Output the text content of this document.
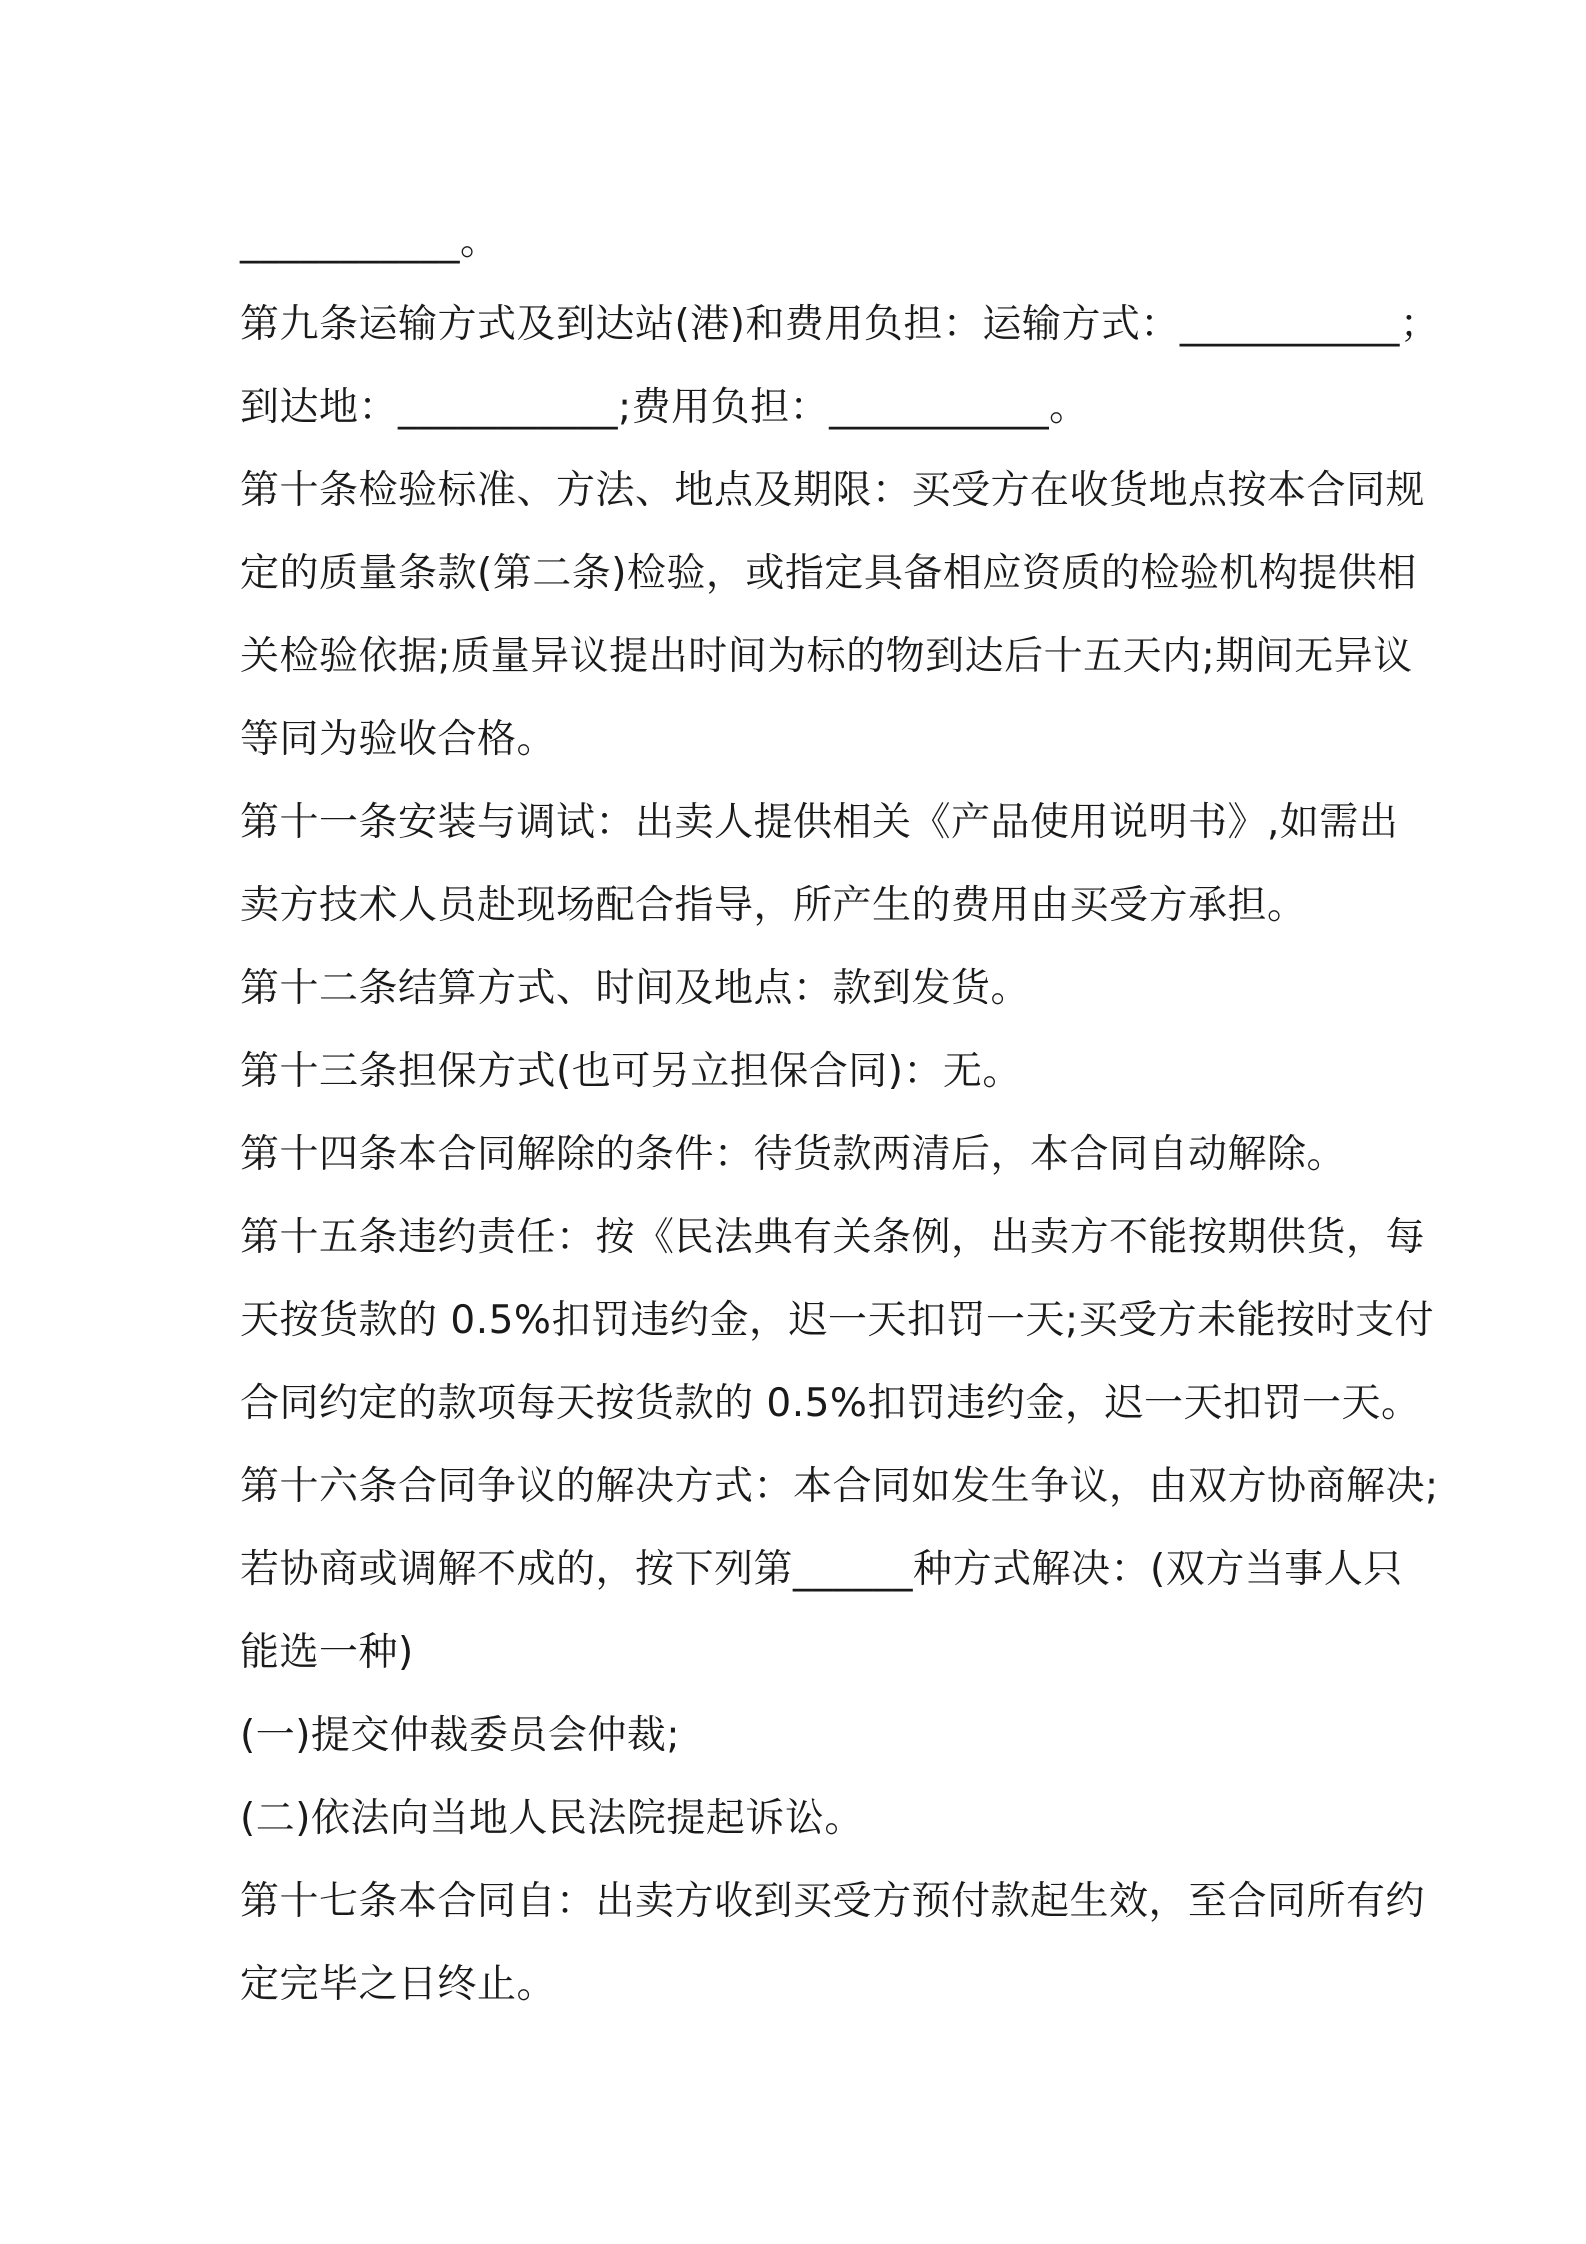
___________。
第九条运输方式及到达站(港)和费用负担：运输方式：___________；
到达地：___________;费用负担：___________。
第十条检验标准、方法、地点及期限：买受方在收货地点按本合同规
定的质量条款(第二条)检验，或指定具备相应资质的检验机构提供相
关检验依据;质量异议提出时间为标的物到达后十五天内;期间无异议
等同为验收合格。
第十一条安装与调试：出卖人提供相关《产品使用说明书》,如需出
卖方技术人员赴现场配合指导，所产生的费用由买受方承担。
第十二条结算方式、时间及地点：款到发货。
第十三条担保方式(也可另立担保合同)：无。
第十四条本合同解除的条件：待货款两清后，本合同自动解除。
第十五条违约责任：按《民法典有关条例，出卖方不能按期供货，每
天按货款的 0.5%扣罚违约金，迟一天扣罚一天;买受方未能按时支付
合同约定的款项每天按货款的 0.5%扣罚违约金，迟一天扣罚一天。
第十六条合同争议的解决方式：本合同如发生争议，由双方协商解决;
若协商或调解不成的，按下列第______种方式解决：(双方当事人只
能选一种)
(一)提交仲裁委员会仲裁;
(二)依法向当地人民法院提起诉讼。
第十七条本合同自：出卖方收到买受方预付款起生效，至合同所有约
定完毕之日终止。
